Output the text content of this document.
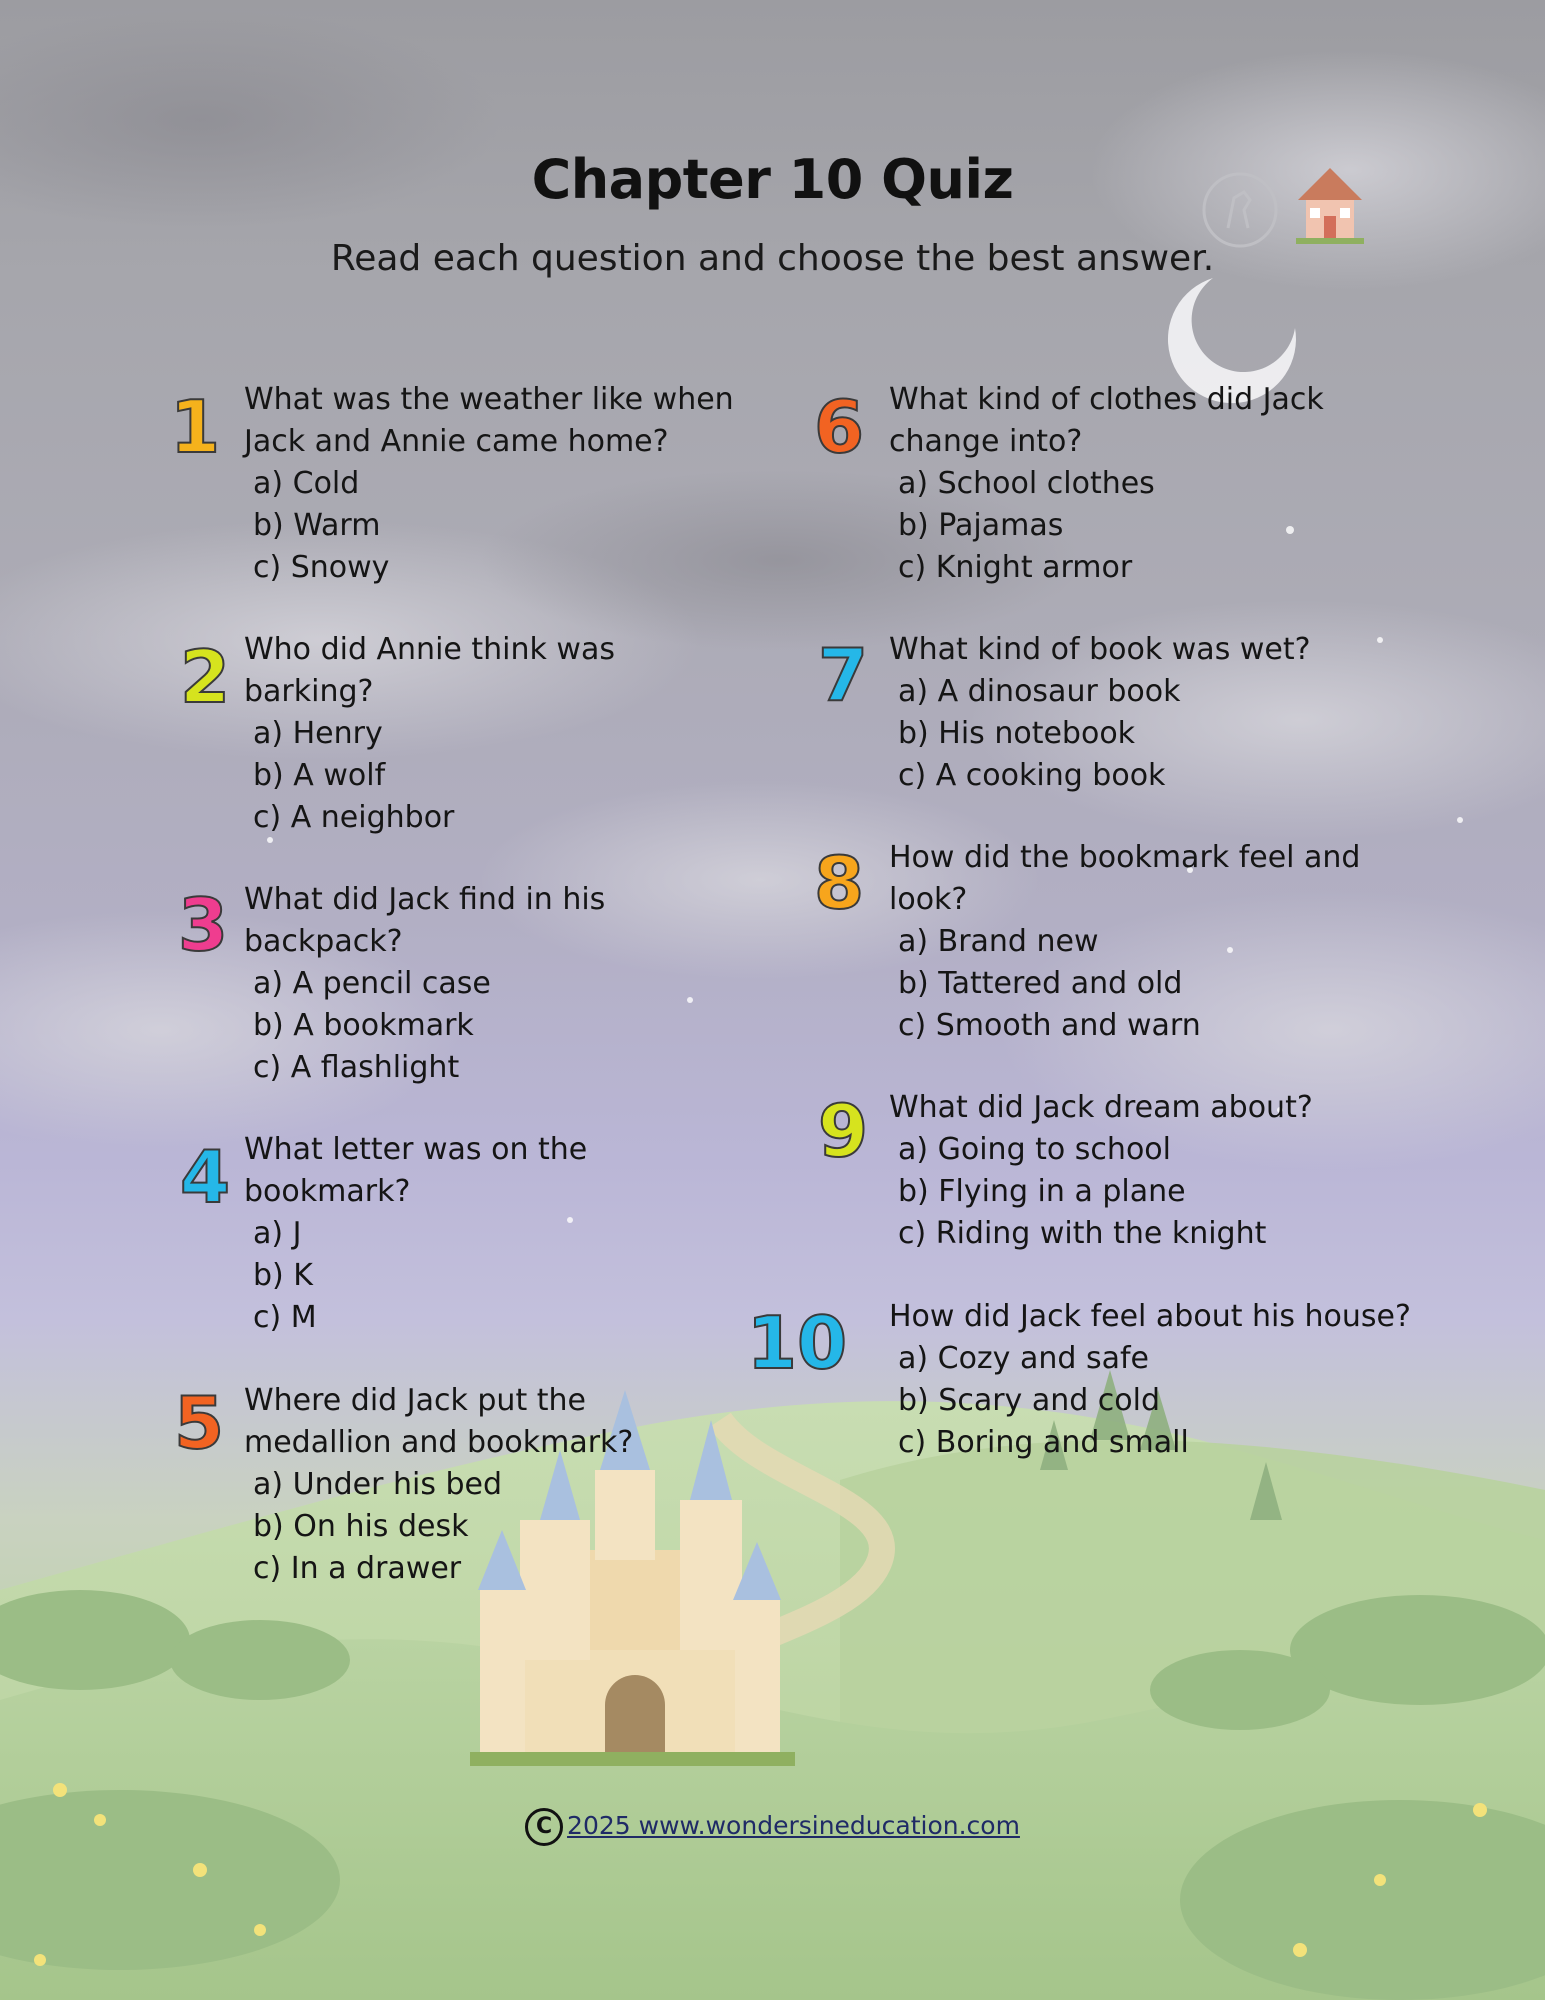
Chapter 10 Quiz
Read each question and choose the best answer.
1 What was the weather like when Jack and Annie came home?
a) Cold
b) Warm
c) Snowy
2 Who did Annie think was barking?
a) Henry
b) A wolf
c) A neighbor
3 What did Jack find in his backpack?
a) A pencil case
b) A bookmark
c) A flashlight
4 What letter was on the bookmark?
a) J
b) K
c) M
5 Where did Jack put the medallion and bookmark?
a) Under his bed
b) On his desk
c) In a drawer
6 What kind of clothes did Jack change into?
a) School clothes
b) Pajamas
c) Knight armor
7 What kind of book was wet?
a) A dinosaur book
b) His notebook
c) A cooking book
8 How did the bookmark feel and look?
a) Brand new
b) Tattered and old
c) Smooth and warn
9 What did Jack dream about?
a) Going to school
b) Flying in a plane
c) Riding with the knight
10 How did Jack feel about his house?
a) Cozy and safe
b) Scary and cold
c) Boring and small
C 2025 www.wondersineducation.com
